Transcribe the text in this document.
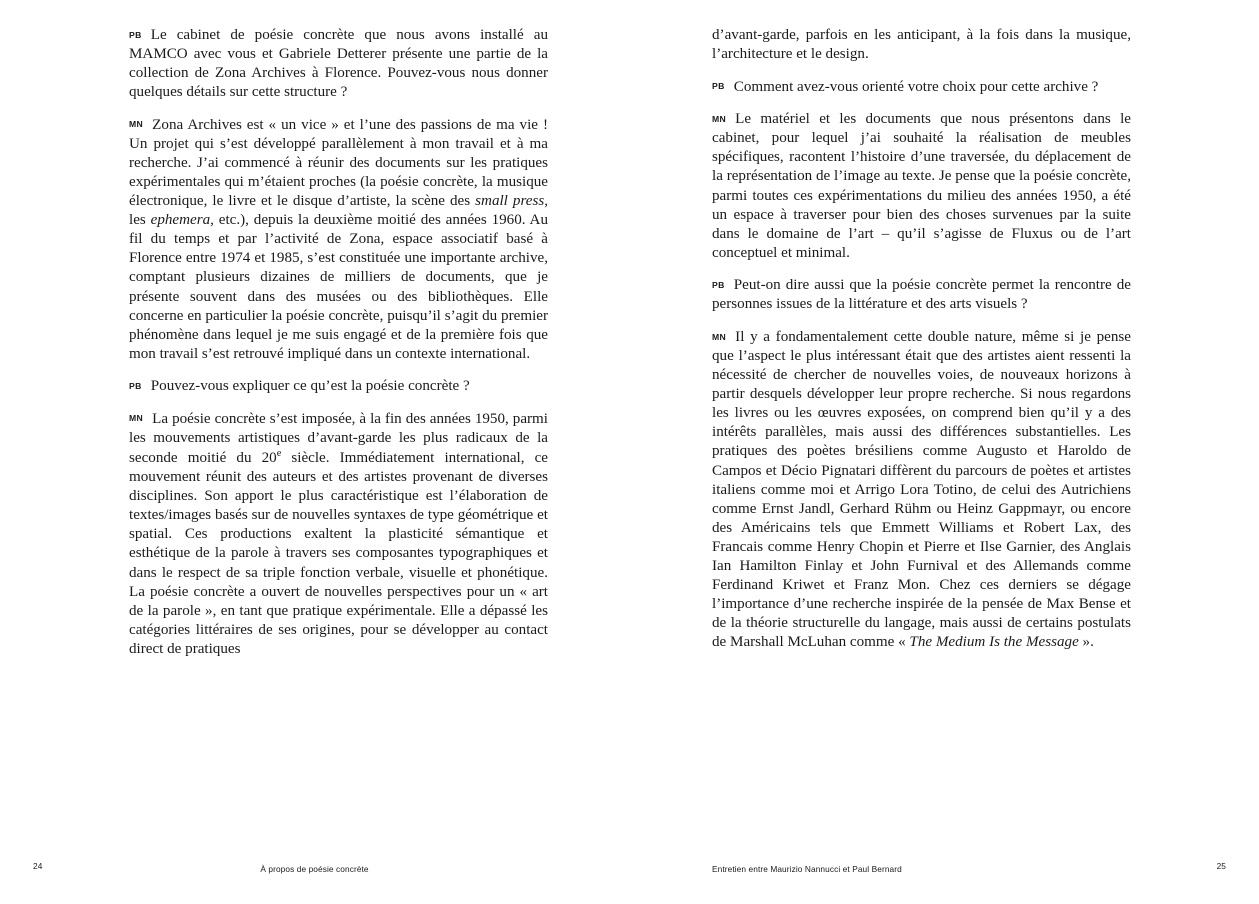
PB Le cabinet de poésie concrète que nous avons installé au MAMCO avec vous et Gabriele Detterer présente une partie de la collection de Zona Archives à Florence. Pouvez-vous nous donner quelques détails sur cette structure ?

MN Zona Archives est « un vice » et l’une des passions de ma vie ! Un projet qui s’est développé parallèlement à mon travail et à ma recherche. J’ai commencé à réunir des documents sur les pratiques expérimentales qui m’étaient proches (la poésie concrète, la musique électronique, le livre et le disque d’artiste, la scène des small press, les ephemera, etc.), depuis la deuxième moitié des années 1960. Au fil du temps et par l’activité de Zona, espace associatif basé à Florence entre 1974 et 1985, s’est constituée une importante archive, comptant plusieurs dizaines de milliers de documents, que je présente souvent dans des musées ou des bibliothèques. Elle concerne en particulier la poésie concrète, puisqu’il s’agit du premier phénomène dans lequel je me suis engagé et de la première fois que mon travail s’est retrouvé impliqué dans un contexte international.

PB Pouvez-vous expliquer ce qu’est la poésie concrète ?

MN La poésie concrète s’est imposée, à la fin des années 1950, parmi les mouvements artistiques d’avant-garde les plus radicaux de la seconde moitié du 20e siècle. Immédiatement international, ce mouvement réunit des auteurs et des artistes provenant de diverses disciplines. Son apport le plus caractéristique est l’élaboration de textes/images basés sur de nouvelles syntaxes de type géométrique et spatial. Ces productions exaltent la plasticité sémantique et esthétique de la parole à travers ses composantes typographiques et dans le respect de sa triple fonction verbale, visuelle et phonétique. La poésie concrète a ouvert de nouvelles perspectives pour un « art de la parole », en tant que pratique expérimentale. Elle a dépassé les catégories littéraires de ses origines, pour se développer au contact direct de pratiques

24	À propos de poésie concrète

d’avant-garde, parfois en les anticipant, à la fois dans la musique, l’architecture et le design.

PB Comment avez-vous orienté votre choix pour cette archive ?

MN Le matériel et les documents que nous présentons dans le cabinet, pour lequel j’ai souhaité la réalisation de meubles spécifiques, racontent l’histoire d’une traversée, du déplacement de la représentation de l’image au texte. Je pense que la poésie concrète, parmi toutes ces expérimentations du milieu des années 1950, a été un espace à traverser pour bien des choses survenues par la suite dans le domaine de l’art – qu’il s’agisse de Fluxus ou de l’art conceptuel et minimal.

PB Peut-on dire aussi que la poésie concrète permet la rencontre de personnes issues de la littérature et des arts visuels ?

MN Il y a fondamentalement cette double nature, même si je pense que l’aspect le plus intéressant était que des artistes aient ressenti la nécessité de chercher de nouvelles voies, de nouveaux horizons à partir desquels développer leur propre recherche. Si nous regardons les livres ou les œuvres exposées, on comprend bien qu’il y a des intérêts parallèles, mais aussi des différences substantielles. Les pratiques des poètes brésiliens comme Augusto et Haroldo de Campos et Décio Pignatari diffèrent du parcours de poètes et artistes italiens comme moi et Arrigo Lora Totino, de celui des Autrichiens comme Ernst Jandl, Gerhard Rühm ou Heinz Gappmayr, ou encore des Américains tels que Emmett Williams et Robert Lax, des Francais comme Henry Chopin et Pierre et Ilse Garnier, des Anglais Ian Hamilton Finlay et John Furnival et des Allemands comme Ferdinand Kriwet et Franz Mon. Chez ces derniers se dégage l’importance d’une recherche inspirée de la pensée de Max Bense et de la théorie structurelle du langage, mais aussi de certains postulats de Marshall McLuhan comme « The Medium Is the Message ».

Entretien entre Maurizio Nannucci et Paul Bernard	25
